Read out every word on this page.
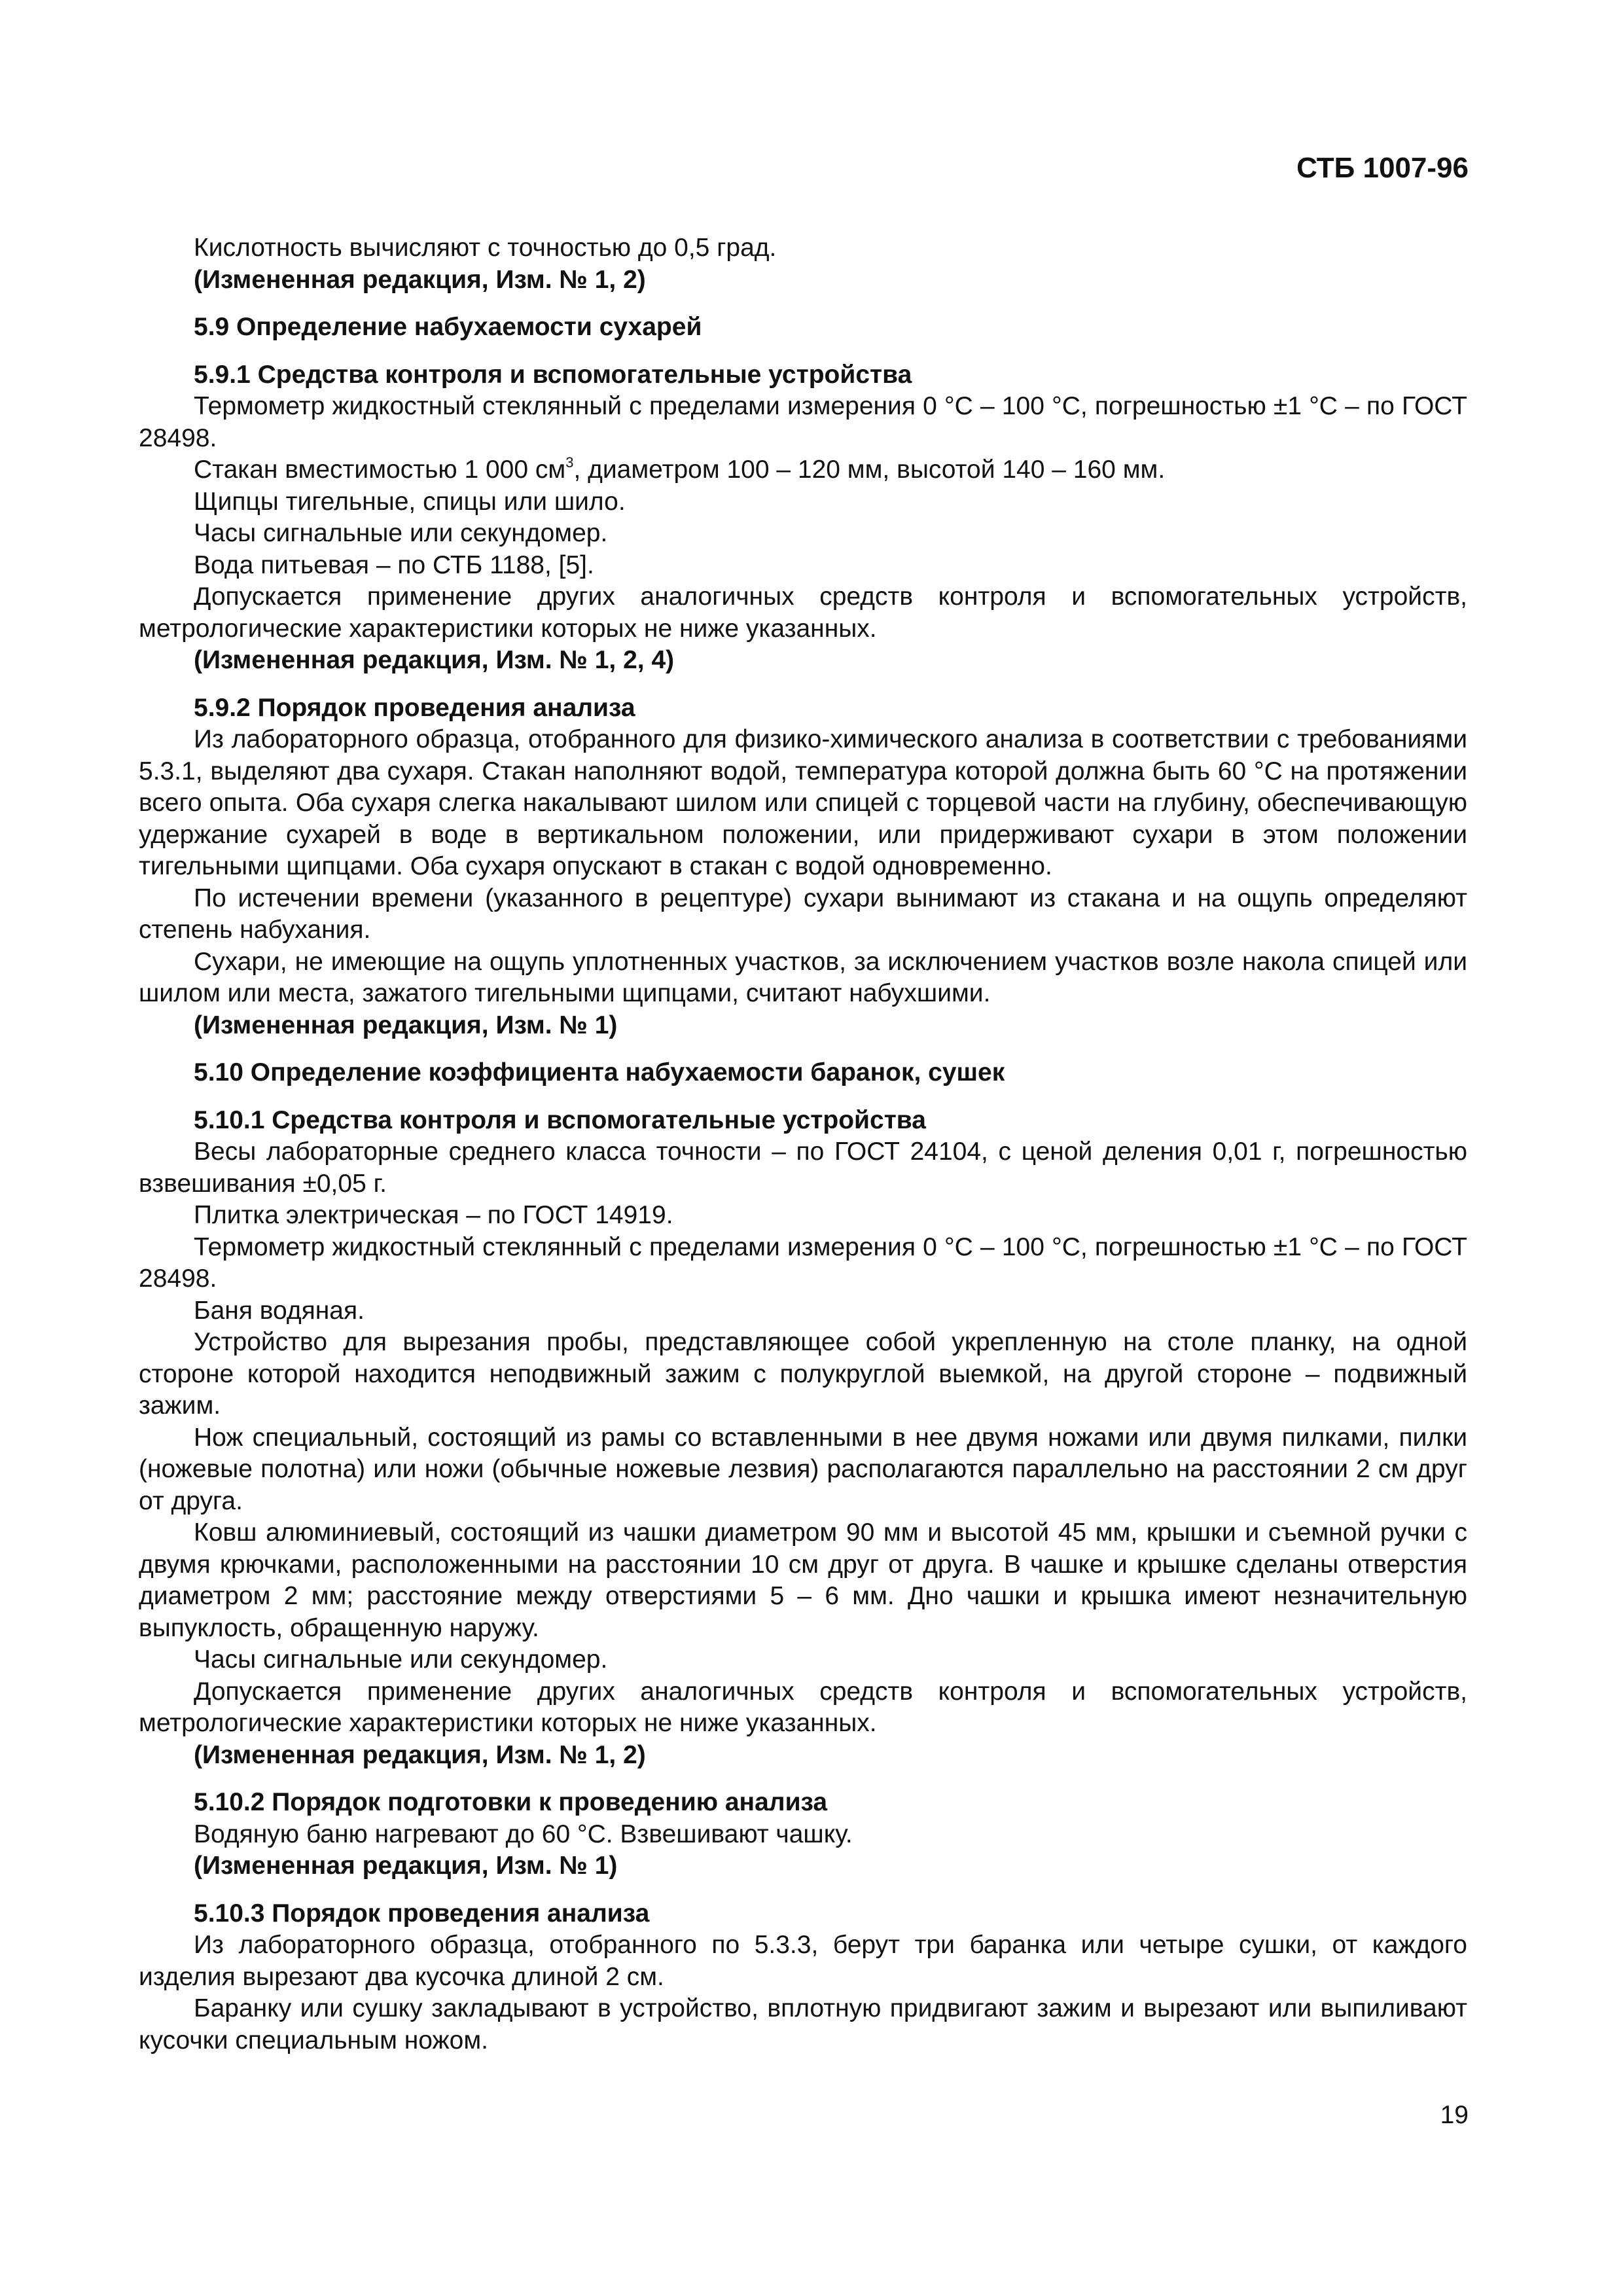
СТБ 1007-96

Кислотность вычисляют с точностью до 0,5 град.

(Измененная редакция, Изм. № 1, 2)

5.9 Определение набухаемости сухарей

5.9.1 Средства контроля и вспомогательные устройства

Термометр жидкостный стеклянный с пределами измерения 0 °С – 100 °С, погрешностью ±1 °С – по ГОСТ 28498.

Стакан вместимостью 1 000 $см^3$, диаметром 100 – 120 мм, высотой 140 – 160 мм.

Щипцы тигельные, спицы или шило.

Часы сигнальные или секундомер.

Вода питьевая – по СТБ 1188, [5].

Допускается применение других аналогичных средств контроля и вспомогательных устройств, метрологические характеристики которых не ниже указанных.

(Измененная редакция, Изм. № 1, 2, 4)

5.9.2 Порядок проведения анализа

Из лабораторного образца, отобранного для физико-химического анализа в соответствии с требованиями 5.3.1, выделяют два сухаря. Стакан наполняют водой, температура которой должна быть 60 °С на протяжении всего опыта. Оба сухаря слегка накалывают шилом или спицей с торцевой части на глубину, обеспечивающую удержание сухарей в воде в вертикальном положении, или придерживают сухари в этом положении тигельными щипцами. Оба сухаря опускают в стакан с водой одновременно.

По истечении времени (указанного в рецептуре) сухари вынимают из стакана и на ощупь определяют степень набухания.

Сухари, не имеющие на ощупь уплотненных участков, за исключением участков возле накола спицей или шилом или места, зажатого тигельными щипцами, считают набухшими.

(Измененная редакция, Изм. № 1)

5.10 Определение коэффициента набухаемости баранок, сушек

5.10.1 Средства контроля и вспомогательные устройства

Весы лабораторные среднего класса точности – по ГОСТ 24104, с ценой деления 0,01 г, погрешностью взвешивания ±0,05 г.

Плитка электрическая – по ГОСТ 14919.

Термометр жидкостный стеклянный с пределами измерения 0 °С – 100 °С, погрешностью ±1 °С – по ГОСТ 28498.

Баня водяная.

Устройство для вырезания пробы, представляющее собой укрепленную на столе планку, на одной стороне которой находится неподвижный зажим с полукруглой выемкой, на другой стороне – подвижный зажим.

Нож специальный, состоящий из рамы со вставленными в нее двумя ножами или двумя пилками, пилки (ножевые полотна) или ножи (обычные ножевые лезвия) располагаются параллельно на расстоянии 2 см друг от друга.

Ковш алюминиевый, состоящий из чашки диаметром 90 мм и высотой 45 мм, крышки и съемной ручки с двумя крючками, расположенными на расстоянии 10 см друг от друга. В чашке и крышке сделаны отверстия диаметром 2 мм; расстояние между отверстиями 5 – 6 мм. Дно чашки и крышка имеют незначительную выпуклость, обращенную наружу.

Часы сигнальные или секундомер.

Допускается применение других аналогичных средств контроля и вспомогательных устройств, метрологические характеристики которых не ниже указанных.

(Измененная редакция, Изм. № 1, 2)

5.10.2 Порядок подготовки к проведению анализа

Водяную баню нагревают до 60 °С. Взвешивают чашку.

(Измененная редакция, Изм. № 1)

5.10.3 Порядок проведения анализа

Из лабораторного образца, отобранного по 5.3.3, берут три баранка или четыре сушки, от каждого изделия вырезают два кусочка длиной 2 см.

Баранку или сушку закладывают в устройство, вплотную придвигают зажим и вырезают или выпиливают кусочки специальным ножом.

19
